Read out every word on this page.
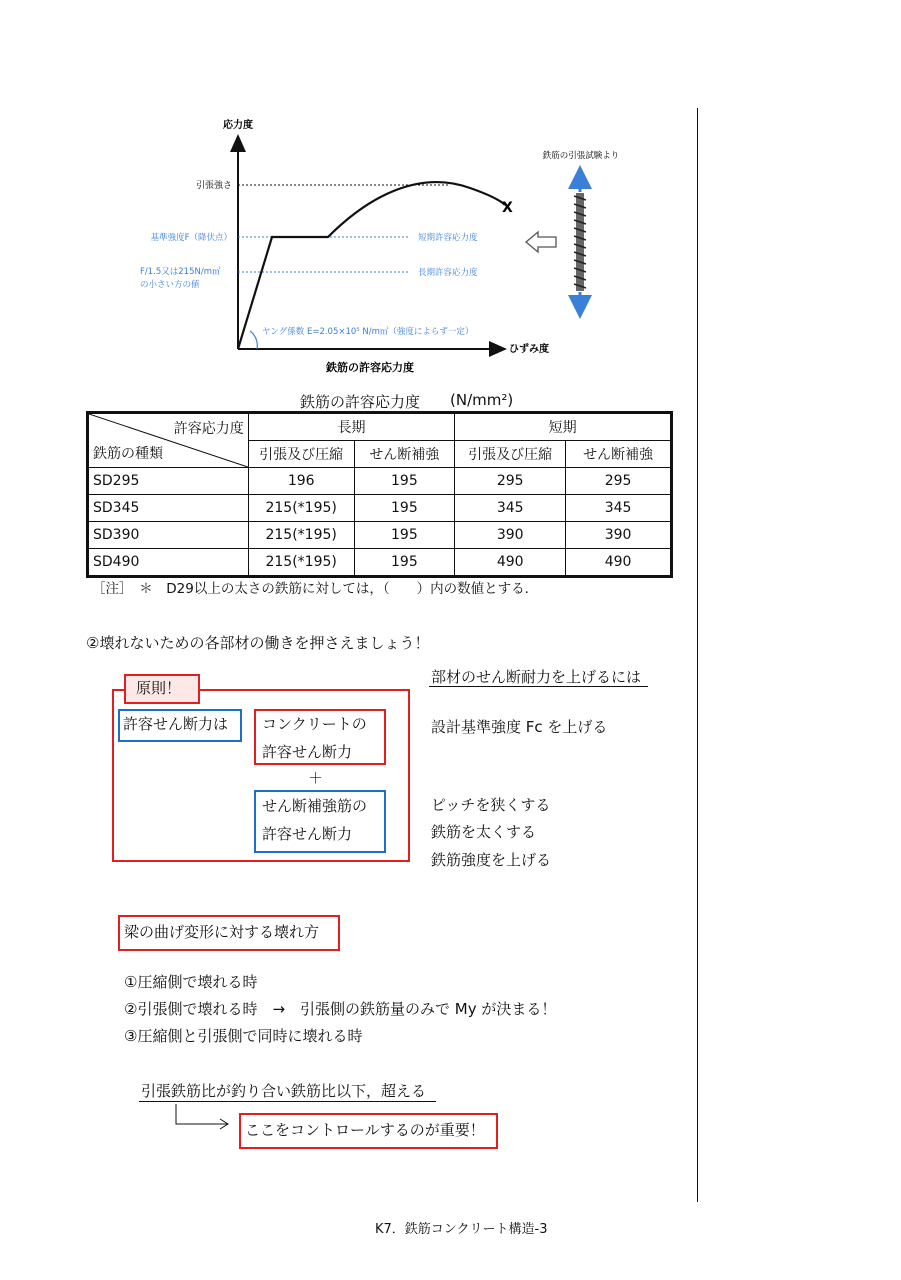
応力度
ひずみ度
鉄筋の許容応力度
X
ヤング係数 E=2.05×10⁵ N/m㎡（強度によらず一定）
引張強さ
基準強度F（降伏点）
F/1.5又は215N/m㎡
の小さい方の値
短期許容応力度
長期許容応力度
鉄筋の引張試験より
鉄筋の許容応力度 (N/mm²)
許容応力度
鉄筋の種類	長期		短期	
	引張及び圧縮	せん断補強	引張及び圧縮	せん断補強
SD295	196	195	295	295
SD345	215(*195)	195	345	345
SD390	215(*195)	195	390	390
SD490	215(*195)	195	490	490
［注］　＊　D29以上の太さの鉄筋に対しては，（　　）内の数値とする.
②壊れないための各部材の働きを押さえましょう！
原則！
許容せん断力は コンクリートの
許容せん断力
＋
せん断補強筋の
許容せん断力
部材のせん断耐力を上げるには
設計基準強度 Fc を上げる
ピッチを狭くする
鉄筋を太くする
鉄筋強度を上げる
梁の曲げ変形に対する壊れ方
①圧縮側で壊れる時
②引張側で壊れる時　→　引張側の鉄筋量のみで My が決まる！
③圧縮側と引張側で同時に壊れる時
引張鉄筋比が釣り合い鉄筋比以下，超える
ここをコントロールするのが重要！
K7．鉄筋コンクリート構造-3
